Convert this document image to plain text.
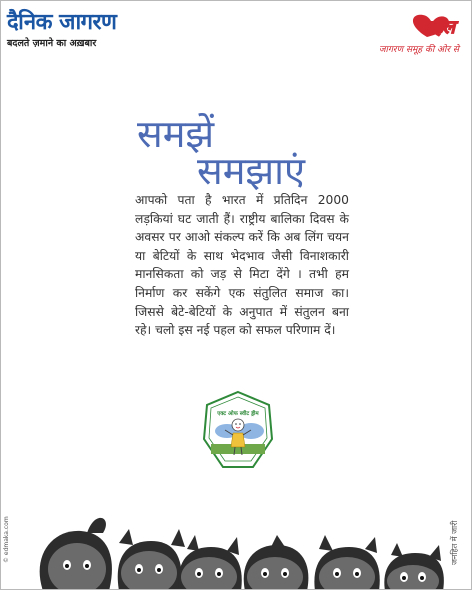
दैनिक जागरण
बदलते ज़माने का अख़बार
पहल
जागरण समूह की ओर से
समझें
समझाएं

आपको पता है भारत में प्रतिदिन 2000 लड़कियां घट जाती हैं। राष्ट्रीय बालिका दिवस के अवसर पर आओ संकल्प करें कि अब लिंग चयन या बेटियों के साथ भेदभाव जैसी विनाशकारी मानसिकता को जड़ से मिटा देंगे । तभी हम निर्माण कर सकेंगे एक संतुलित समाज का। जिससे बेटे-बेटियों के अनुपात में संतुलन बना रहे। चलो इस नई पहल को सफल परिणाम दें।

एक्ट ओफ स्वीट ड्रीम
© edmaka.com	जनहित में जारी
